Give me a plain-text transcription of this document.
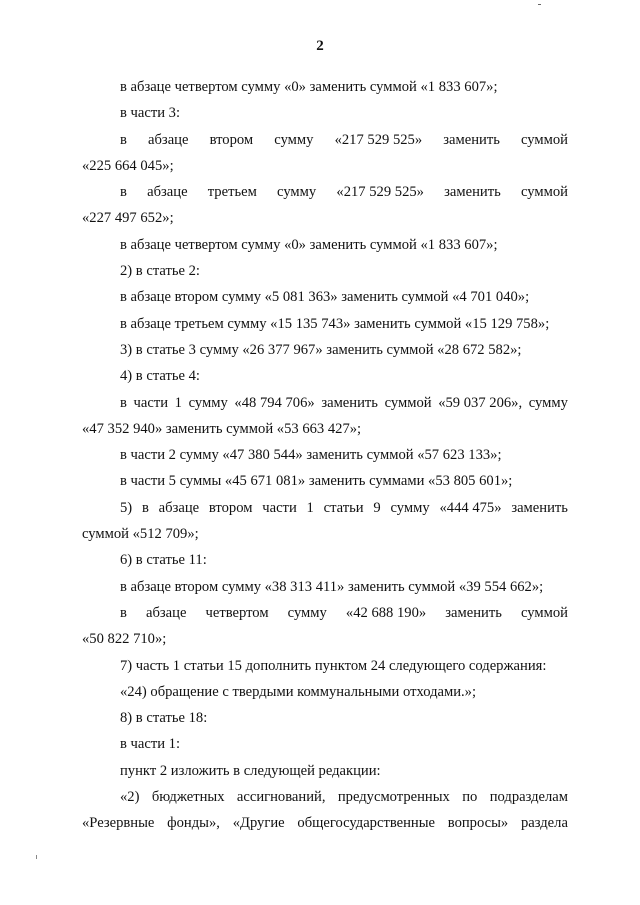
2
в абзаце четвертом сумму «0» заменить суммой «1 833 607»;
в части 3:
в абзаце втором сумму «217 529 525» заменить суммой
«225 664 045»;
в абзаце третьем сумму «217 529 525» заменить суммой
«227 497 652»;
в абзаце четвертом сумму «0» заменить суммой «1 833 607»;
2) в статье 2:
в абзаце втором сумму «5 081 363» заменить суммой «4 701 040»;
в абзаце третьем сумму «15 135 743» заменить суммой «15 129 758»;
3) в статье 3 сумму «26 377 967» заменить суммой «28 672 582»;
4) в статье 4:
в части 1 сумму «48 794 706» заменить суммой «59 037 206», сумму
«47 352 940» заменить суммой «53 663 427»;
в части 2 сумму «47 380 544» заменить суммой «57 623 133»;
в части 5 суммы «45 671 081» заменить суммами «53 805 601»;
5) в абзаце втором части 1 статьи 9 сумму «444 475» заменить
суммой «512 709»;
6) в статье 11:
в абзаце втором сумму «38 313 411» заменить суммой «39 554 662»;
в абзаце четвертом сумму «42 688 190» заменить суммой
«50 822 710»;
7) часть 1 статьи 15 дополнить пунктом 24 следующего содержания:
«24) обращение с твердыми коммунальными отходами.»;
8) в статье 18:
в части 1:
пункт 2 изложить в следующей редакции:
«2) бюджетных ассигнований, предусмотренных по подразделам
«Резервные фонды», «Другие общегосударственные вопросы» раздела
